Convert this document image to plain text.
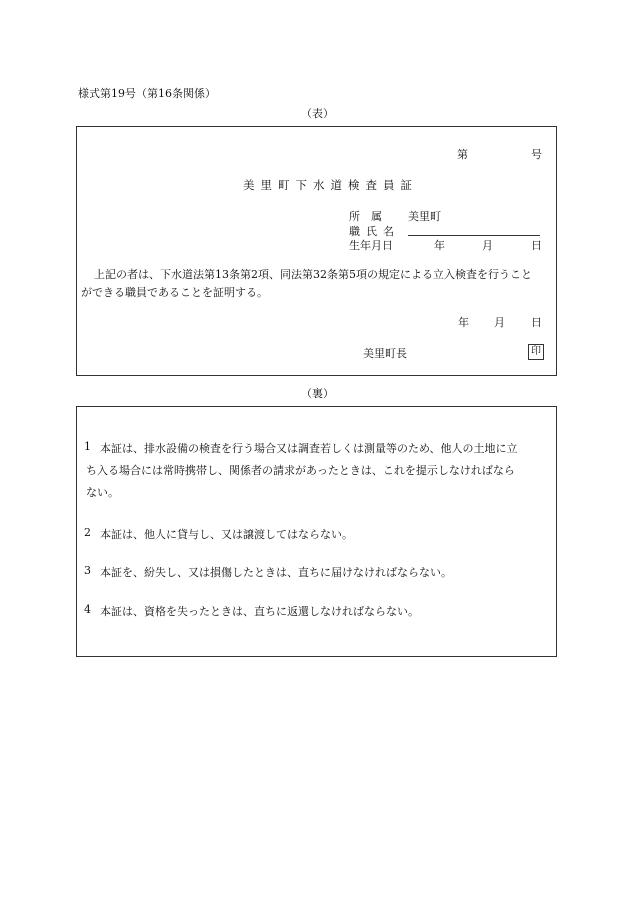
様式第19号（第16条関係）
（表）
第	号
美里町下水道検査員証
所　属 美里町
職氏名
生年月日	年	月	日
上記の者は、下水道法第13条第2項、同法第32条第5項の規定による立入検査を行うこと
ができる職員であることを証明する。
年 月 日
美里町長	印
（裏）
1 本証は、排水設備の検査を行う場合又は調査若しくは測量等のため、他人の土地に立
ち入る場合には常時携帯し、関係者の請求があったときは、これを提示しなければなら
ない。
2 本証は、他人に貸与し、又は譲渡してはならない。
3 本証を、紛失し、又は損傷したときは、直ちに届けなければならない。
4 本証は、資格を失ったときは、直ちに返還しなければならない。
